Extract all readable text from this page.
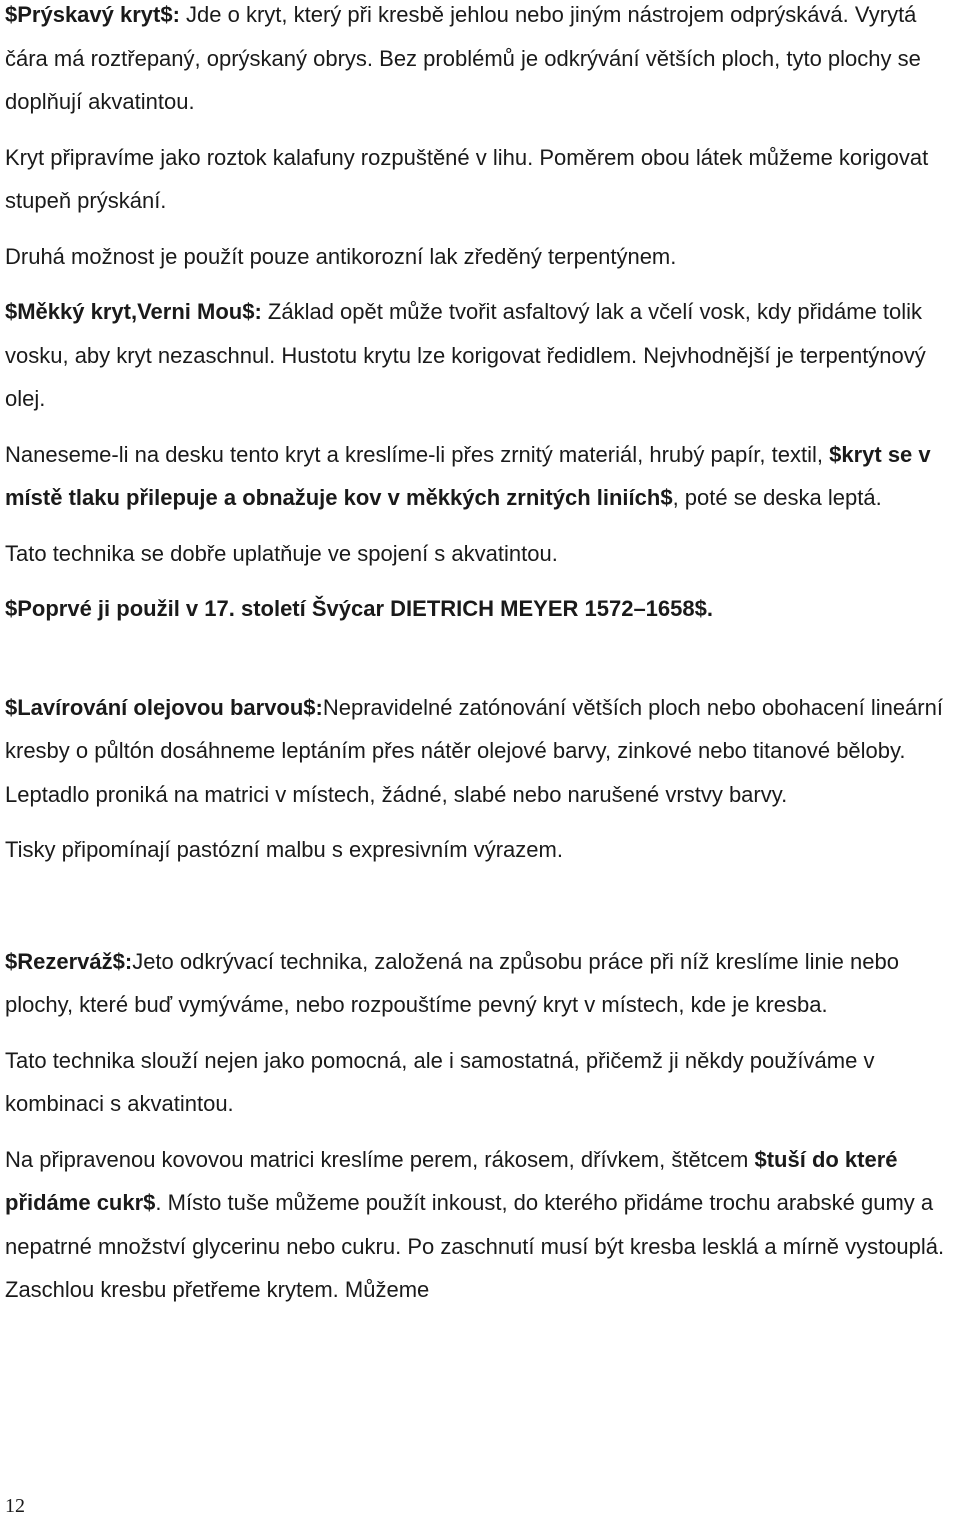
$Prýskavý kryt$: Jde o kryt, který při kresbě jehlou nebo jiným nástrojem odprýskává. Vyrytá čára má roztřepaný, oprýskaný obrys. Bez problémů je odkrývání větších ploch, tyto plochy se doplňují akvatintou.

Kryt připravíme jako roztok kalafuny rozpuštěné v lihu. Poměrem obou látek můžeme korigovat stupeň prýskání.

Druhá možnost je použít pouze antikorozní lak zředěný terpentýnem.

$Měkký kryt,Verni Mou$: Základ opět může tvořit asfaltový lak a včelí vosk, kdy přidáme tolik vosku, aby kryt nezaschnul. Hustotu krytu lze korigovat ředidlem. Nejvhodnější je terpentýnový olej.

Naneseme-li na desku tento kryt a kreslíme-li přes zrnitý materiál, hrubý papír, textil, $kryt se v místě tlaku přilepuje a obnažuje kov v měkkých zrnitých liniích$, poté se deska leptá.

Tato technika se dobře uplatňuje ve spojení s akvatintou.

$Poprvé ji použil v 17. století Švýcar DIETRICH MEYER 1572–1658$.

$Lavírování olejovou barvou$:Nepravidelné zatónování větších ploch nebo obohacení lineární kresby o půltón dosáhneme leptáním přes nátěr olejové barvy, zinkové nebo titanové běloby. Leptadlo proniká na matrici v místech, žádné, slabé nebo narušené vrstvy barvy.

Tisky připomínají pastózní malbu s expresivním výrazem.

$Rezerváž$:Jeto odkrývací technika, založená na způsobu práce při níž kreslíme linie nebo plochy, které buď vymýváme, nebo rozpouštíme pevný kryt v místech, kde je kresba.

Tato technika slouží nejen jako pomocná, ale i samostatná, přičemž ji někdy používáme v kombinaci s akvatintou.

Na připravenou kovovou matrici kreslíme perem, rákosem, dřívkem, štětcem $tuší do které přidáme cukr$. Místo tuše můžeme použít inkoust, do kterého přidáme trochu arabské gumy a nepatrné množství glycerinu nebo cukru. Po zaschnutí musí být kresba lesklá a mírně vystouplá. Zaschlou kresbu přetřeme krytem. Můžeme

12
